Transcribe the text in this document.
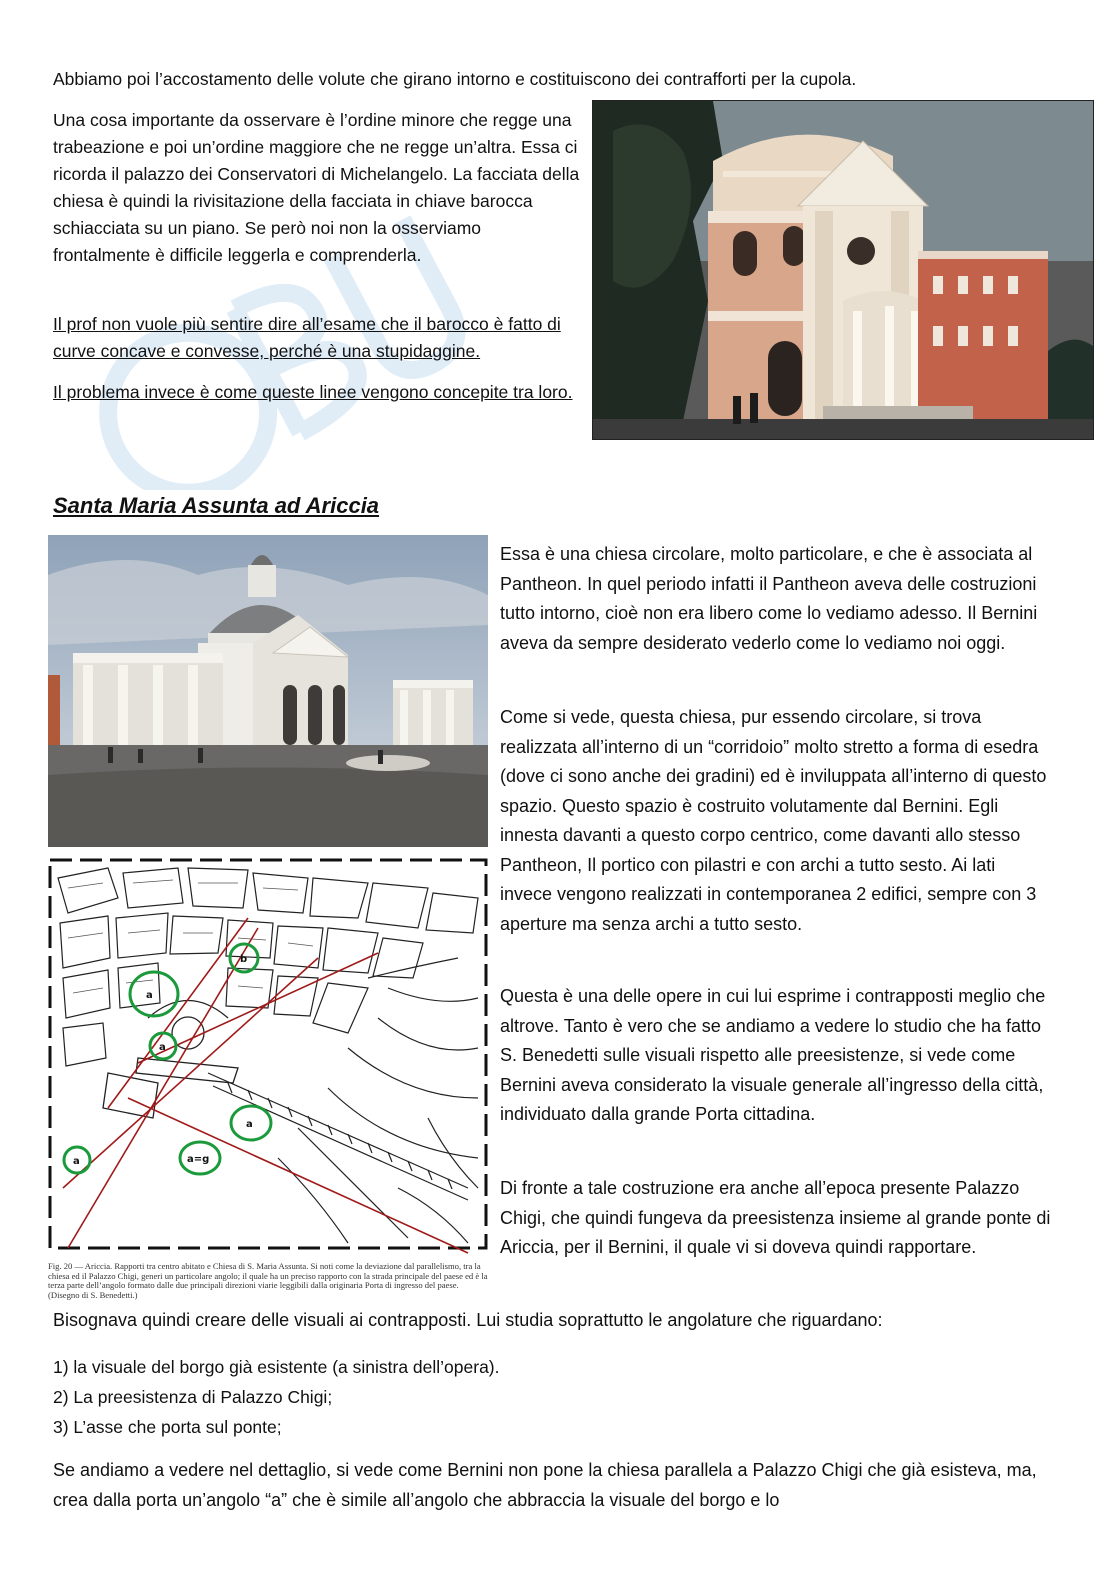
Abbiamo poi l’accostamento delle volute che girano intorno e costituiscono dei contrafforti per la cupola.

Una cosa importante da osservare è l’ordine minore che regge una trabeazione e poi un’ordine maggiore che ne regge un’altra. Essa ci ricorda il palazzo dei Conservatori di Michelangelo. La facciata della chiesa è quindi la rivisitazione della facciata in chiave barocca schiacciata su un piano. Se però noi non la osserviamo frontalmente è difficile leggerla e comprenderla.

Il prof non vuole più sentire dire all’esame che il barocco è fatto di curve concave e convesse, perché è una stupidaggine.

Il problema invece è come queste linee vengono concepite tra loro.

Santa Maria Assunta ad Ariccia
a
b
a
a
a	a=g

Fig. 20 — Ariccia. Rapporti tra centro abitato e Chiesa di S. Maria Assunta. Si noti come la deviazione dal parallelismo, tra la chiesa ed il Palazzo Chigi, generi un particolare angolo; il quale ha un preciso rapporto con la strada principale del paese ed è la terza parte dell’angolo formato dalle due principali direzioni viarie leggibili dalla originaria Porta di ingresso del paese. (Disegno di S. Benedetti.)

Essa è una chiesa circolare, molto particolare, e che è associata al Pantheon. In quel periodo infatti il Pantheon aveva delle costruzioni tutto intorno, cioè non era libero come lo vediamo adesso. Il Bernini aveva da sempre desiderato vederlo come lo vediamo noi oggi.

Come si vede, questa chiesa, pur essendo circolare, si trova realizzata all’interno di un “corridoio” molto stretto a forma di esedra (dove ci sono anche dei gradini) ed è inviluppata all’interno di questo spazio. Questo spazio è costruito volutamente dal Bernini. Egli innesta davanti a questo corpo centrico, come davanti allo stesso Pantheon, Il portico con pilastri e con archi a tutto sesto. Ai lati invece vengono realizzati in contemporanea 2 edifici, sempre con 3 aperture ma senza archi a tutto sesto.

Questa è una delle opere in cui lui esprime i contrapposti meglio che altrove. Tanto è vero che se andiamo a vedere lo studio che ha fatto S. Benedetti sulle visuali rispetto alle preesistenze, si vede come Bernini aveva considerato la visuale generale all’ingresso della città, individuato dalla grande Porta cittadina.

Di fronte a tale costruzione era anche all’epoca presente Palazzo Chigi, che quindi fungeva da preesistenza insieme al grande ponte di Ariccia, per il Bernini, il quale vi si doveva quindi rapportare.

Bisognava quindi creare delle visuali ai contrapposti. Lui studia soprattutto le angolature che riguardano:

1) la visuale del borgo già esistente (a sinistra dell’opera).
2) La preesistenza di Palazzo Chigi;
3) L’asse che porta sul ponte;

Se andiamo a vedere nel dettaglio, si vede come Bernini non pone la chiesa parallela a Palazzo Chigi che già esisteva, ma, crea dalla porta un’angolo “a” che è simile all’angolo che abbraccia la visuale del borgo e lo
